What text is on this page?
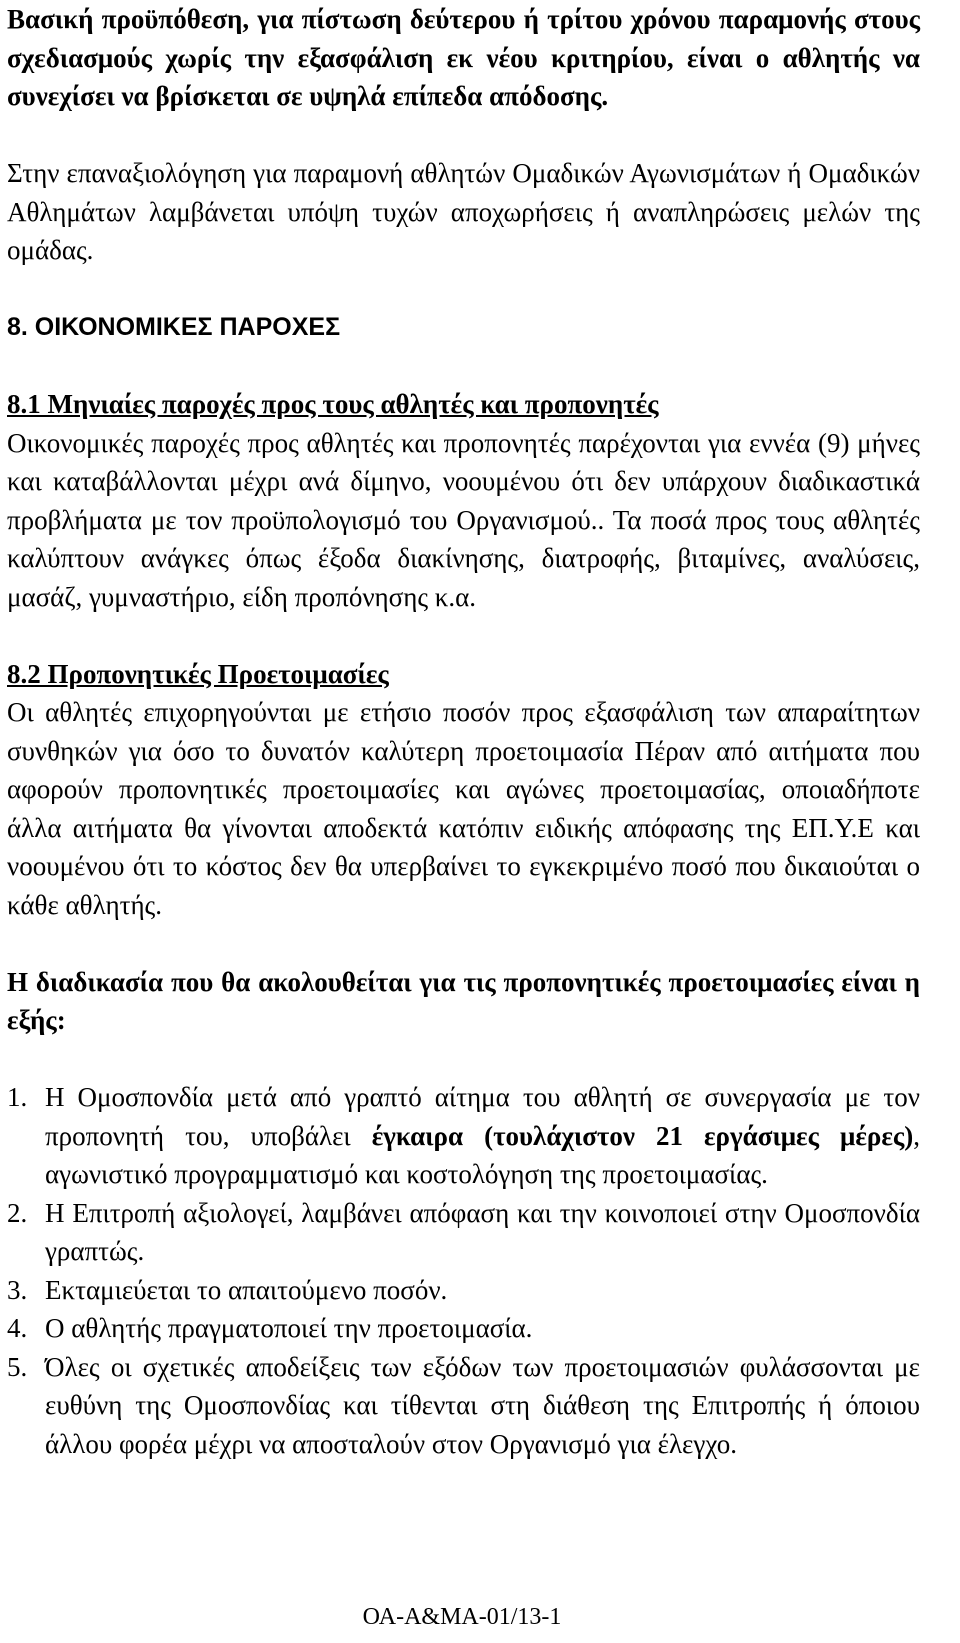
Βασική προϋπόθεση, για πίστωση δεύτερου ή τρίτου χρόνου παραμονής στους σχεδιασμούς χωρίς την εξασφάλιση εκ νέου κριτηρίου, είναι ο αθλητής να συνεχίσει να βρίσκεται σε υψηλά επίπεδα απόδοσης.

Στην επαναξιολόγηση για παραμονή αθλητών Ομαδικών Αγωνισμάτων ή Ομαδικών Αθλημάτων λαμβάνεται υπόψη τυχών αποχωρήσεις ή αναπληρώσεις μελών της ομάδας.

8. ΟΙΚΟΝΟΜΙΚΕΣ ΠΑΡΟΧΕΣ

8.1 Μηνιαίες παροχές προς τους αθλητές και προπονητές

Οικονομικές παροχές προς αθλητές και προπονητές παρέχονται για εννέα (9) μήνες και καταβάλλονται μέχρι ανά δίμηνο, νοουμένου ότι δεν υπάρχουν διαδικαστικά προβλήματα με τον προϋπολογισμό του Οργανισμού.. Τα ποσά προς τους αθλητές καλύπτουν ανάγκες όπως έξοδα διακίνησης, διατροφής, βιταμίνες, αναλύσεις, μασάζ, γυμναστήριο, είδη προπόνησης κ.α.

8.2 Προπονητικές Προετοιμασίες

Οι αθλητές επιχορηγούνται με ετήσιο ποσόν προς εξασφάλιση των απαραίτητων συνθηκών για όσο το δυνατόν καλύτερη προετοιμασία Πέραν από αιτήματα που αφορούν προπονητικές προετοιμασίες και αγώνες προετοιμασίας, οποιαδήποτε άλλα αιτήματα θα γίνονται αποδεκτά κατόπιν ειδικής απόφασης της ΕΠ.Υ.Ε και νοουμένου ότι το κόστος δεν θα υπερβαίνει το εγκεκριμένο ποσό που δικαιούται ο κάθε αθλητής.

Η διαδικασία που θα ακολουθείται για τις προπονητικές προετοιμασίες είναι η εξής:

1. Η Ομοσπονδία μετά από γραπτό αίτημα του αθλητή σε συνεργασία με τον προπονητή του, υποβάλει έγκαιρα (τουλάχιστον 21 εργάσιμες μέρες), αγωνιστικό προγραμματισμό και κοστολόγηση της προετοιμασίας.
2. Η Επιτροπή αξιολογεί, λαμβάνει απόφαση και την κοινοποιεί στην Ομοσπονδία γραπτώς.
3. Εκταμιεύεται το απαιτούμενο ποσόν.
4. Ο αθλητής πραγματοποιεί την προετοιμασία.
5. Όλες οι σχετικές αποδείξεις των εξόδων των προετοιμασιών φυλάσσονται με ευθύνη της Ομοσπονδίας και τίθενται στη διάθεση της Επιτροπής ή όποιου άλλου φορέα μέχρι να αποσταλούν στον Οργανισμό για έλεγχο.
ΟΑ-Α&ΜΑ-01/13-1
